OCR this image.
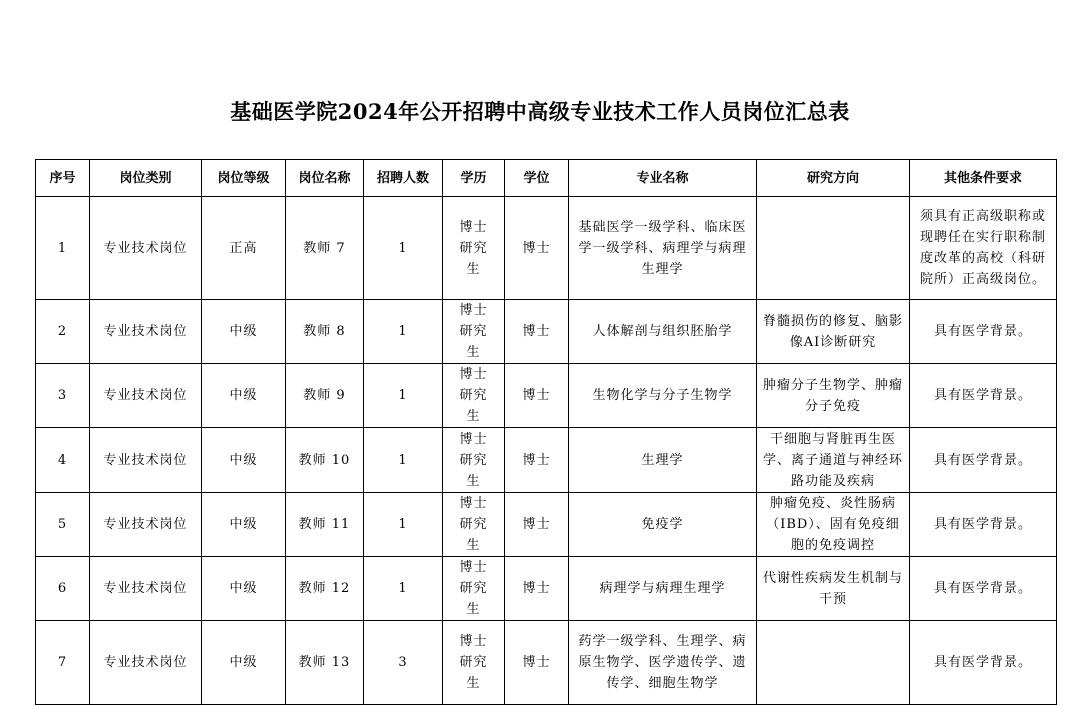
基础医学院2024年公开招聘中高级专业技术工作人员岗位汇总表
序号	岗位类别	岗位等级	岗位名称	招聘人数	学历	学位	专业名称	研究方向	其他条件要求
1	专业技术岗位	正高	教师 7	1	博士研究生	博士	基础医学一级学科、临床医学一级学科、病理学与病理生理学		须具有正高级职称或现聘任在实行职称制度改革的高校（科研院所）正高级岗位。
2	专业技术岗位	中级	教师 8	1	博士研究生	博士	人体解剖与组织胚胎学	脊髓损伤的修复、脑影像AI诊断研究	具有医学背景。
3	专业技术岗位	中级	教师 9	1	博士研究生	博士	生物化学与分子生物学	肿瘤分子生物学、肿瘤分子免疫	具有医学背景。
4	专业技术岗位	中级	教师 10	1	博士研究生	博士	生理学	干细胞与肾脏再生医学、离子通道与神经环路功能及疾病	具有医学背景。
5	专业技术岗位	中级	教师 11	1	博士研究生	博士	免疫学	肿瘤免疫、炎性肠病（IBD）、固有免疫细胞的免疫调控	具有医学背景。
6	专业技术岗位	中级	教师 12	1	博士研究生	博士	病理学与病理生理学	代谢性疾病发生机制与干预	具有医学背景。
7	专业技术岗位	中级	教师 13	3	博士研究生	博士	药学一级学科、生理学、病原生物学、医学遗传学、遗传学、细胞生物学		具有医学背景。
